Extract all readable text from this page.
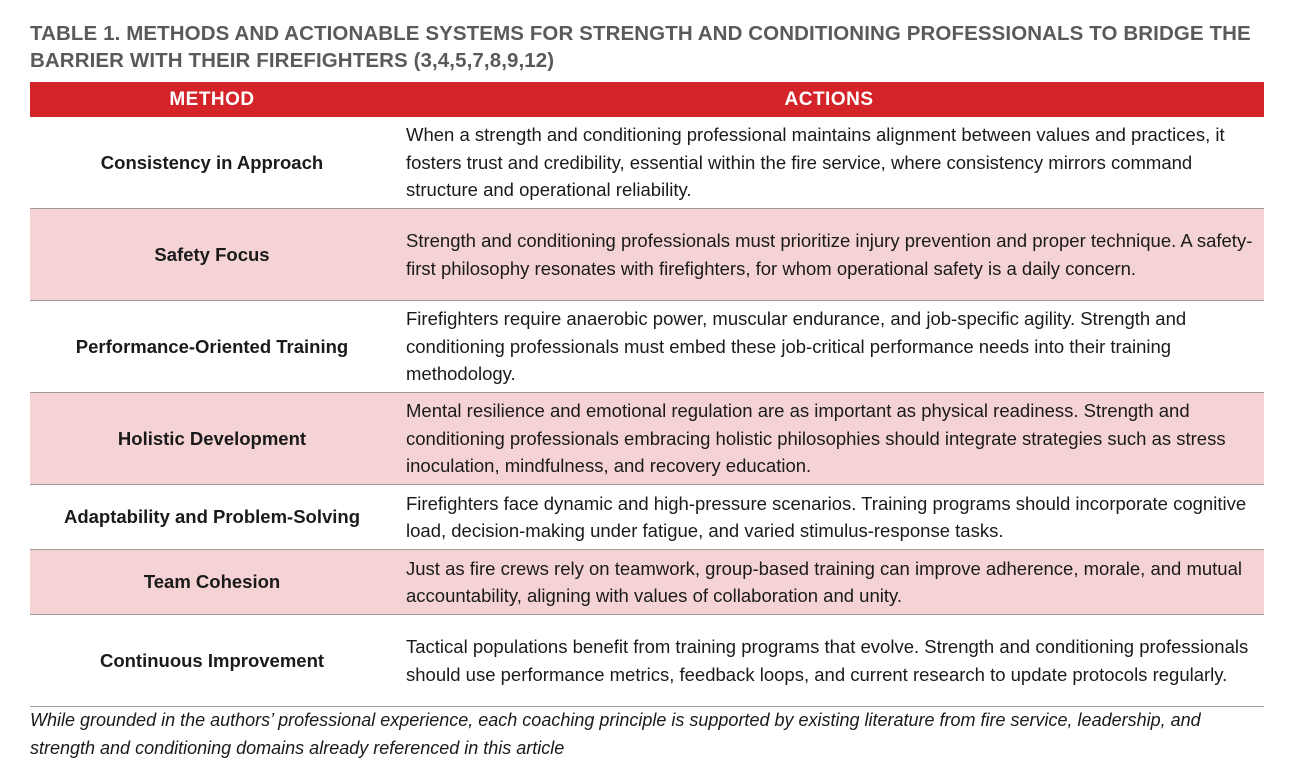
TABLE 1. METHODS AND ACTIONABLE SYSTEMS FOR STRENGTH AND CONDITIONING PROFESSIONALS TO BRIDGE THE BARRIER WITH THEIR FIREFIGHTERS (3,4,5,7,8,9,12)
METHOD	ACTIONS
Consistency in Approach	When a strength and conditioning professional maintains alignment between values and practices, it fosters trust and credibility, essential within the fire service, where consistency mirrors command structure and operational reliability.
Safety Focus	Strength and conditioning professionals must prioritize injury prevention and proper technique. A safety-first philosophy resonates with firefighters, for whom operational safety is a daily concern.
Performance-Oriented Training	Firefighters require anaerobic power, muscular endurance, and job-specific agility. Strength and conditioning professionals must embed these job-critical performance needs into their training methodology.
Holistic Development	Mental resilience and emotional regulation are as important as physical readiness. Strength and conditioning professionals embracing holistic philosophies should integrate strategies such as stress inoculation, mindfulness, and recovery education.
Adaptability and Problem-Solving	Firefighters face dynamic and high-pressure scenarios. Training programs should incorporate cognitive load, decision-making under fatigue, and varied stimulus-response tasks.
Team Cohesion	Just as fire crews rely on teamwork, group-based training can improve adherence, morale, and mutual accountability, aligning with values of collaboration and unity.
Continuous Improvement	Tactical populations benefit from training programs that evolve. Strength and conditioning professionals should use performance metrics, feedback loops, and current research to update protocols regularly.

While grounded in the authors’ professional experience, each coaching principle is supported by existing literature from fire service, leadership, and strength and conditioning domains already referenced in this article
